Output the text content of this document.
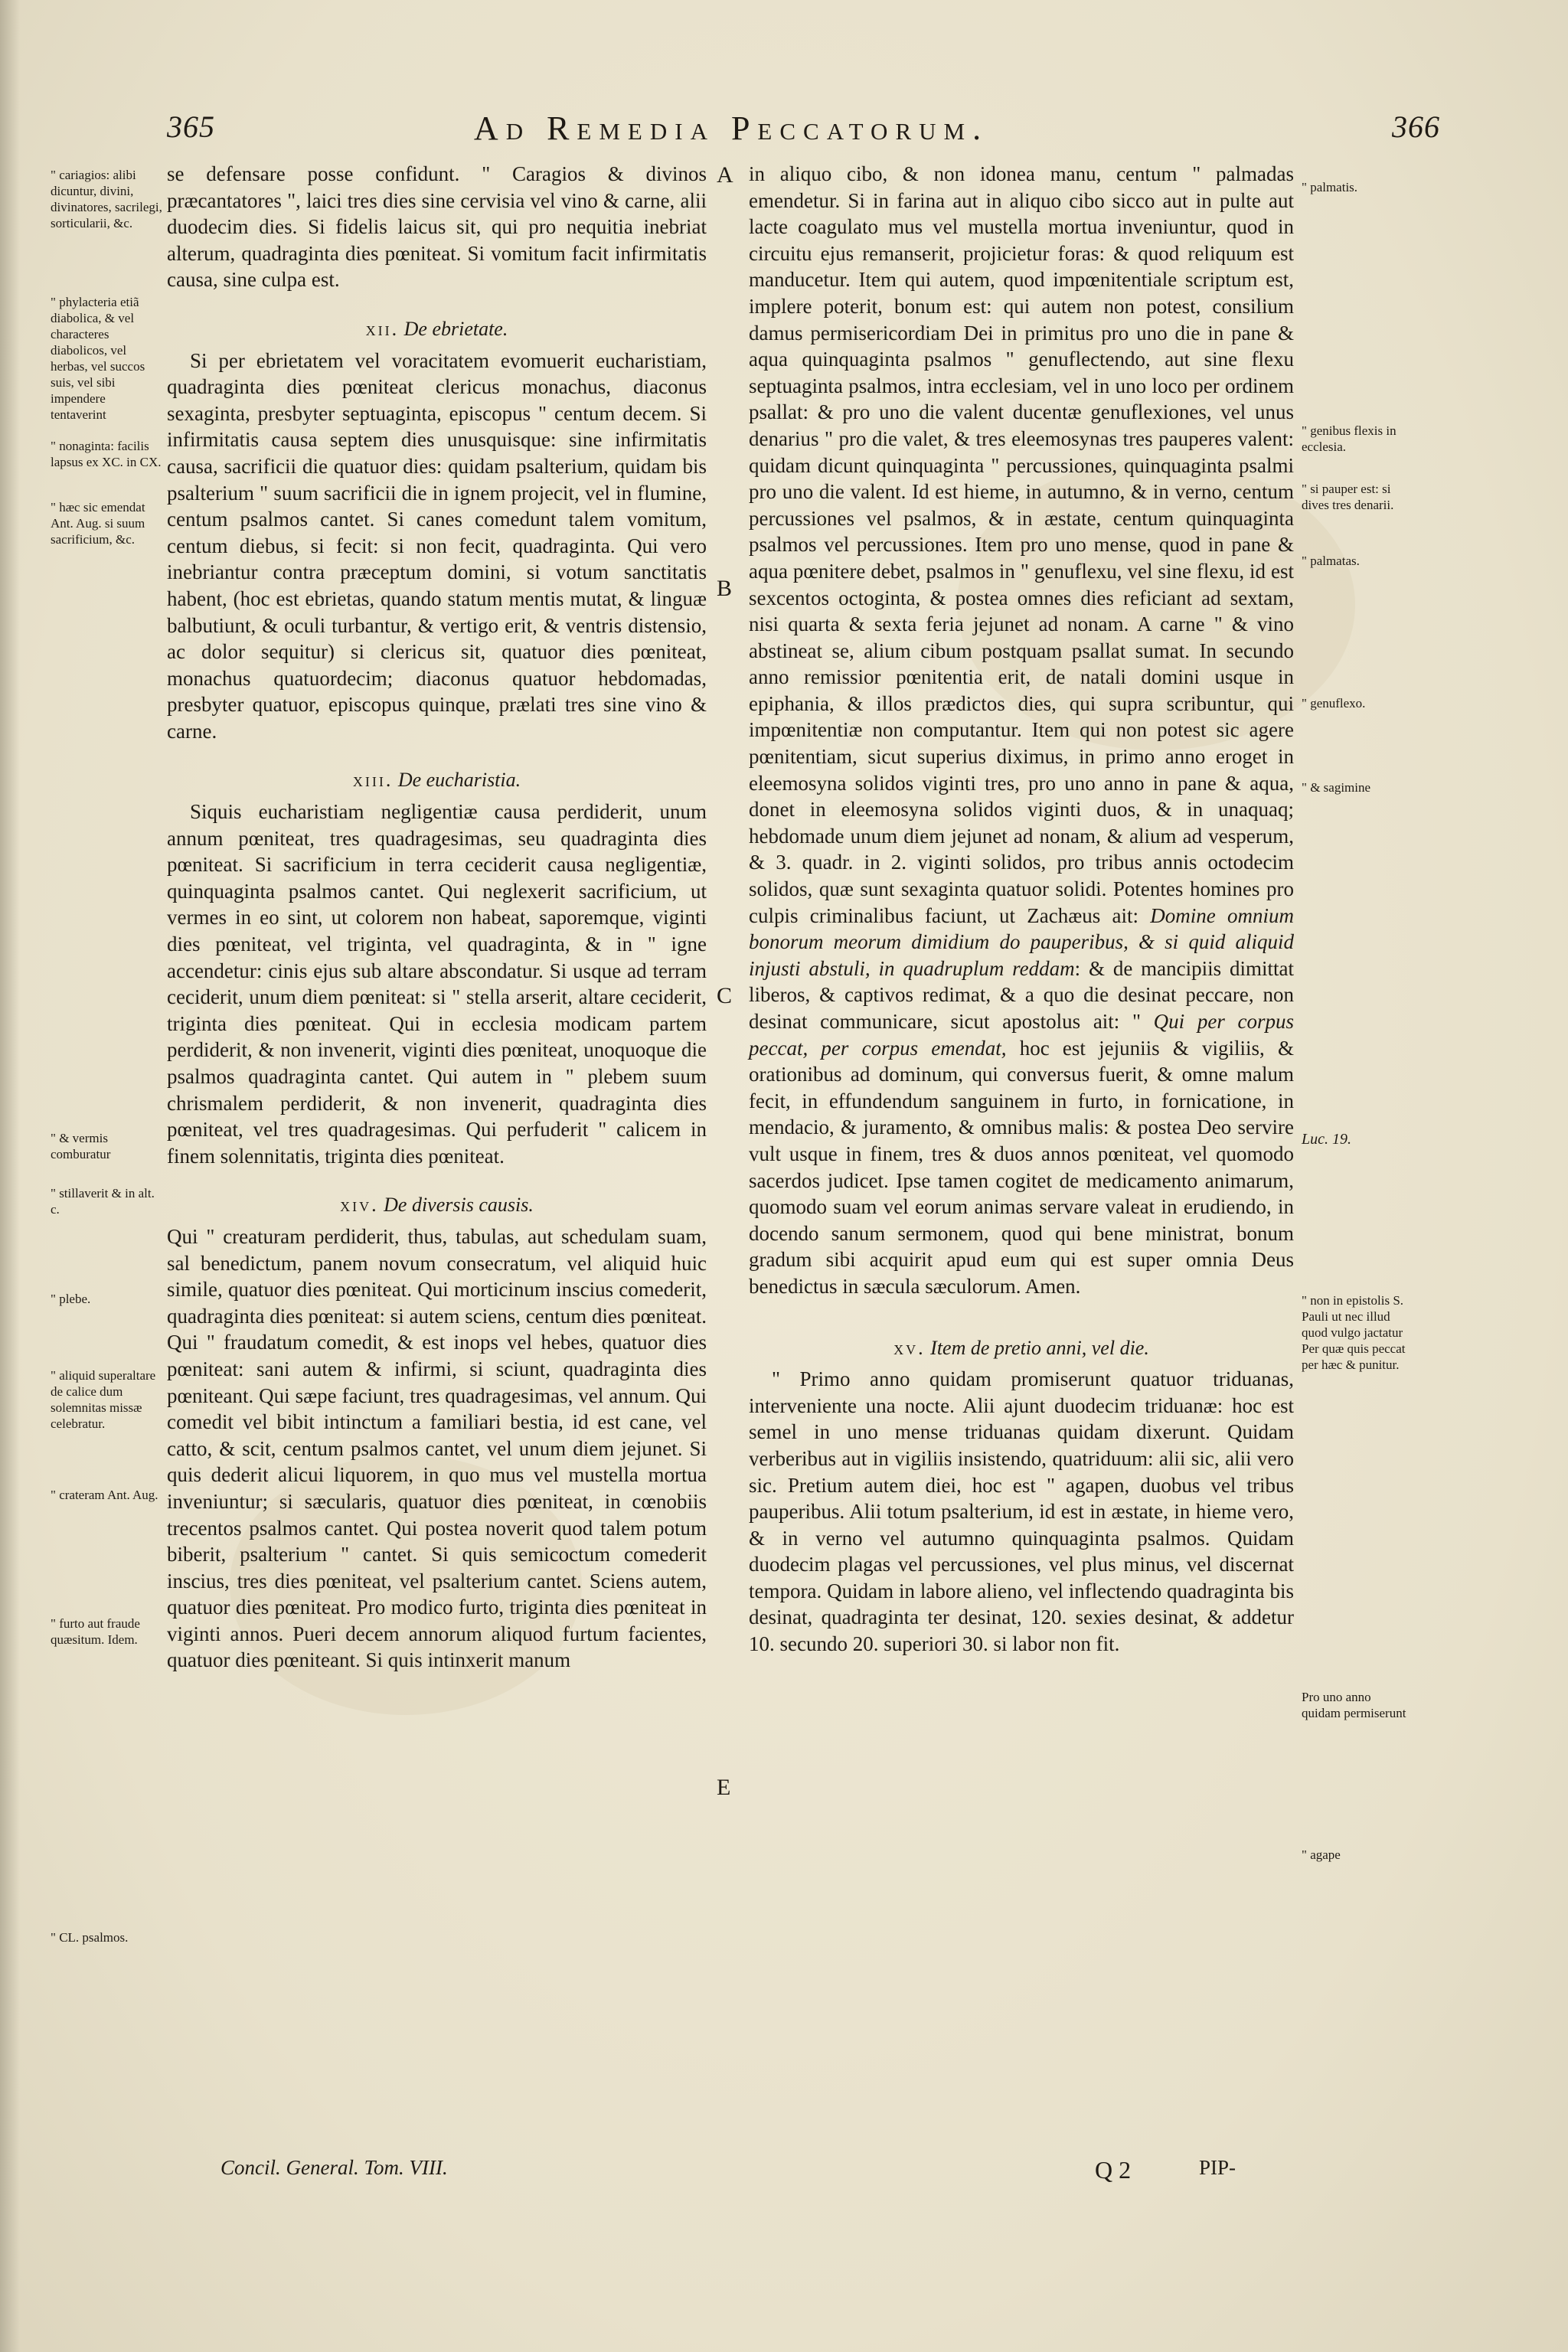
365	Ad Remedia Peccatorum.	366
" cariagios: alibi dicuntur, divini, divinatores, sacrilegi, sorticularii, &c.
" phylacteria etiã diabolica, & vel characteres diabolicos, vel herbas, vel succos suis, vel sibi impendere tentaverint
" nonaginta: facilis lapsus ex XC. in CX.
" hæc sic emendat Ant. Aug. si suum sacrificium, &c.
" & vermis comburatur
" stillaverit & in alt. c.
" plebe.
" aliquid superaltare de calice dum solemnitas missæ celebratur.
" crateram Ant. Aug.
" furto aut fraude quæsitum. Idem.
" CL. psalmos.

se defensare posse confidunt. " Caragios & divinos præcantatores ", laici tres dies sine cervisia vel vino & carne, alii duodecim dies. Si fidelis laicus sit, qui pro nequitia inebriat alterum, quadraginta dies pœniteat. Si vomitum facit infirmitatis causa, sine culpa est.

xii. De ebrietate.

Si per ebrietatem vel voracitatem evomuerit eucharistiam, quadraginta dies pœniteat clericus monachus, diaconus sexaginta, presbyter septuaginta, episcopus " centum decem. Si infirmitatis causa septem dies unusquisque: sine infirmitatis causa, sacrificii die quatuor dies: quidam psalterium, quidam bis psalterium " suum sacrificii die in ignem projecit, vel in flumine, centum psalmos cantet. Si canes comedunt talem vomitum, centum diebus, si fecit: si non fecit, quadraginta. Qui vero inebriantur contra præceptum domini, si votum sanctitatis habent, (hoc est ebrietas, quando statum mentis mutat, & linguæ balbutiunt, & oculi turbantur, & vertigo erit, & ventris distensio, ac dolor sequitur) si clericus sit, quatuor dies pœniteat, monachus quatuordecim; diaconus quatuor hebdomadas, presbyter quatuor, episcopus quinque, prælati tres sine vino & carne.

xiii. De eucharistia.

Siquis eucharistiam negligentiæ causa perdiderit, unum annum pœniteat, tres quadragesimas, seu quadraginta dies pœniteat. Si sacrificium in terra ceciderit causa negligentiæ, quinquaginta psalmos cantet. Qui neglexerit sacrificium, ut vermes in eo sint, ut colorem non habeat, saporemque, viginti dies pœniteat, vel triginta, vel quadraginta, & in " igne accendetur: cinis ejus sub altare abscondatur. Si usque ad terram ceciderit, unum diem pœniteat: si " stella arserit, altare ceciderit, triginta dies pœniteat. Qui in ecclesia modicam partem perdiderit, & non invenerit, viginti dies pœniteat, unoquoque die psalmos quadraginta cantet. Qui autem in " plebem suum chrismalem perdiderit, & non invenerit, quadraginta dies pœniteat, vel tres quadragesimas. Qui perfuderit " calicem in finem solennitatis, triginta dies pœniteat.

xiv. De diversis causis.

Qui " creaturam perdiderit, thus, tabulas, aut schedulam suam, sal benedictum, panem novum consecratum, vel aliquid huic simile, quatuor dies pœniteat. Qui morticinum inscius comederit, quadraginta dies pœniteat: si autem sciens, centum dies pœniteat. Qui " fraudatum comedit, & est inops vel hebes, quatuor dies pœniteat: sani autem & infirmi, si sciunt, quadraginta dies pœniteant. Qui sæpe faciunt, tres quadragesimas, vel annum. Qui comedit vel bibit intinctum a familiari bestia, id est cane, vel catto, & scit, centum psalmos cantet, vel unum diem jejunet. Si quis dederit alicui liquorem, in quo mus vel mustella mortua inveniuntur; si sæcularis, quatuor dies pœniteat, in cœnobiis trecentos psalmos cantet. Qui postea noverit quod talem potum biberit, psalterium " cantet. Si quis semicoctum comederit inscius, tres dies pœniteat, vel psalterium cantet. Sciens autem, quatuor dies pœniteat. Pro modico furto, triginta dies pœniteat in viginti annos. Pueri decem annorum aliquod furtum facientes, quatuor dies pœniteant. Si quis intinxerit manum

A
B
C
E

in aliquo cibo, & non idonea manu, centum " palmadas emendetur. Si in farina aut in aliquo cibo sicco aut in pulte aut lacte coagulato mus vel mustella mortua inveniuntur, quod in circuitu ejus remanserit, projicietur foras: & quod reliquum est manducetur. Item qui autem, quod impœnitentiale scriptum est, implere poterit, bonum est: qui autem non potest, consilium damus permisericordiam Dei in primitus pro uno die in pane & aqua quinquaginta psalmos " genuflectendo, aut sine flexu septuaginta psalmos, intra ecclesiam, vel in uno loco per ordinem psallat: & pro uno die valent ducentæ genuflexiones, vel unus denarius " pro die valet, & tres eleemosynas tres pauperes valent: quidam dicunt quinquaginta " percussiones, quinquaginta psalmi pro uno die valent. Id est hieme, in autumno, & in verno, centum percussiones vel psalmos, & in æstate, centum quinquaginta psalmos vel percussiones. Item pro uno mense, quod in pane & aqua pœnitere debet, psalmos in " genuflexu, vel sine flexu, id est sexcentos octoginta, & postea omnes dies reficiant ad sextam, nisi quarta & sexta feria jejunet ad nonam. A carne " & vino abstineat se, alium cibum postquam psallat sumat. In secundo anno remissior pœnitentia erit, de natali domini usque in epiphania, & illos prædictos dies, qui supra scribuntur, qui impœnitentiæ non computantur. Item qui non potest sic agere pœnitentiam, sicut superius diximus, in primo anno eroget in eleemosyna solidos viginti tres, pro uno anno in pane & aqua, donet in eleemosyna solidos viginti duos, & in unaquaq; hebdomade unum diem jejunet ad nonam, & alium ad vesperum, & 3. quadr. in 2. viginti solidos, pro tribus annis octodecim solidos, quæ sunt sexaginta quatuor solidi. Potentes homines pro culpis criminalibus faciunt, ut Zachæus ait: Domine omnium bonorum meorum dimidium do pauperibus, & si quid aliquid injusti abstuli, in quadruplum reddam: & de mancipiis dimittat liberos, & captivos redimat, & a quo die desinat peccare, non desinat communicare, sicut apostolus ait: " Qui per corpus peccat, per corpus emendat, hoc est jejuniis & vigiliis, & orationibus ad dominum, qui conversus fuerit, & omne malum fecit, in effundendum sanguinem in furto, in fornicatione, in mendacio, & juramento, & omnibus malis: & postea Deo servire vult usque in finem, tres & duos annos pœniteat, vel quomodo sacerdos judicet. Ipse tamen cogitet de medicamento animarum, quomodo suam vel eorum animas servare valeat in erudiendo, in docendo sanum sermonem, quod qui bene ministrat, bonum gradum sibi acquirit apud eum qui est super omnia Deus benedictus in sæcula sæculorum. Amen.

xv. Item de pretio anni, vel die.

" Primo anno quidam promiserunt quatuor triduanas, interveniente una nocte. Alii ajunt duodecim triduanæ: hoc est semel in uno mense triduanas quidam dixerunt. Quidam verberibus aut in vigiliis insistendo, quatriduum: alii sic, alii vero sic. Pretium autem diei, hoc est " agapen, duobus vel tribus pauperibus. Alii totum psalterium, id est in æstate, in hieme vero, & in verno vel autumno quinquaginta psalmos. Quidam duodecim plagas vel percussiones, vel plus minus, vel discernat tempora. Quidam in labore alieno, vel inflectendo quadraginta bis desinat, quadraginta ter desinat, 120. sexies desinat, & addetur 10. secundo 20. superiori 30. si labor non fit.

" palmatis.
" genibus flexis in ecclesia.
" si pauper est: si dives tres denarii.
" palmatas.
" genuflexo.
" & sagimine
Luc. 19.
" non in epistolis S. Pauli ut nec illud quod vulgo jactatur Per quæ quis peccat per hæc & punitur.
Pro uno anno quidam permiserunt
" agape
Concil. General. Tom. VIII.	Q 2	PIP-
